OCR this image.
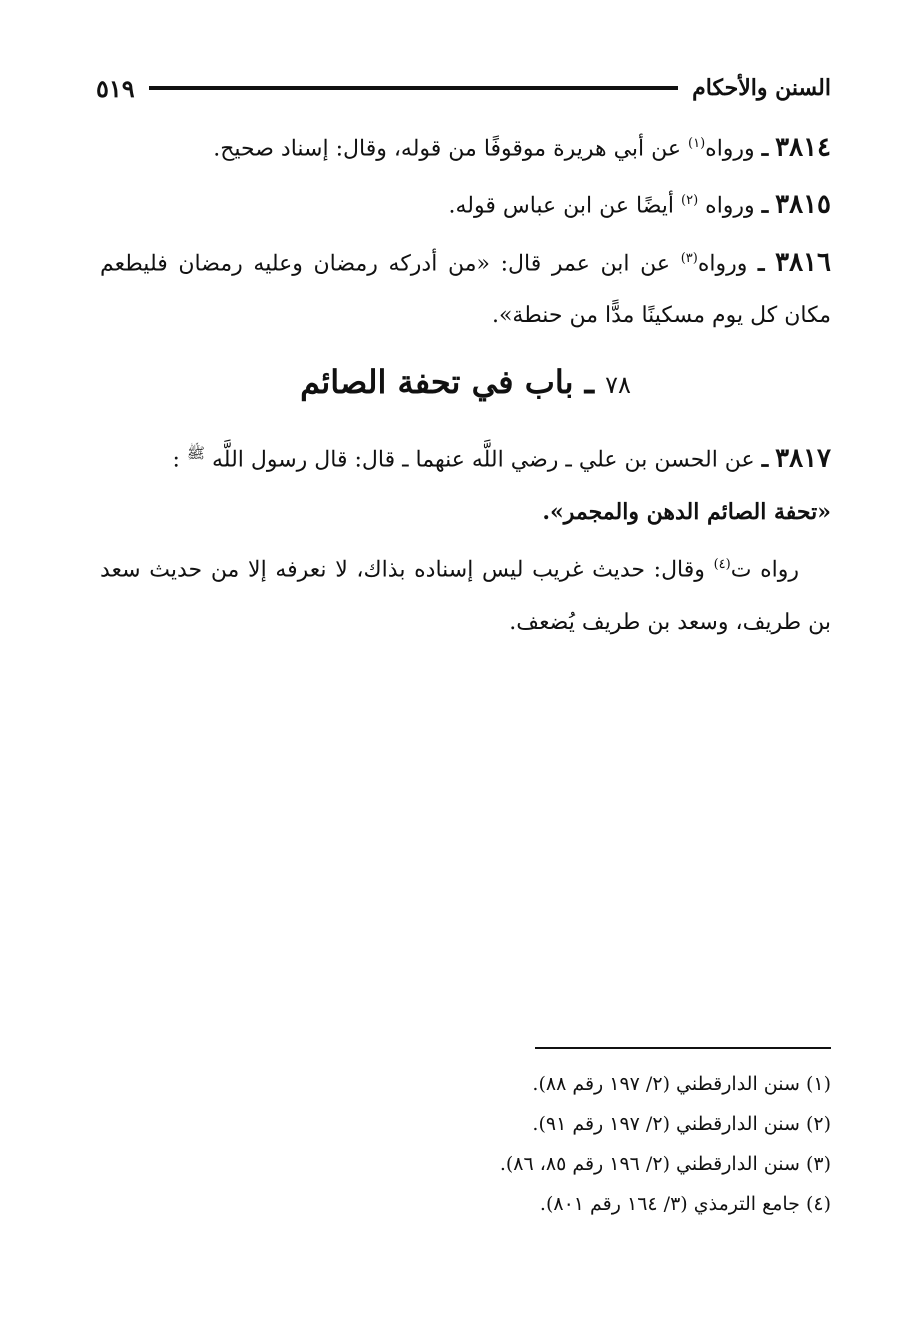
السنن والأحكام
٥١٩

٣٨١٤ ـ ورواه$^{(١)}$ عن أبي هريرة موقوفًا من قوله، وقال: إسناد صحيح.

٣٨١٥ ـ ورواه $^{(٢)}$ أيضًا عن ابن عباس قوله.

٣٨١٦ ـ ورواه$^{(٣)}$ عن ابن عمر قال: «من أدركه رمضان وعليه رمضان فليطعم مكان كل يوم مسكينًا مدًّا من حنطة».

٧٨ ـ باب في تحفة الصائم

٣٨١٧ ـ عن الحسن بن علي ـ رضي اللَّه عنهما ـ قال: قال رسول اللَّه $^ﷺ$ :
«تحفة الصائم الدهن والمجمر».

رواه ت$^{(٤)}$ وقال: حديث غريب ليس إسناده بذاك، لا نعرفه إلا من حديث سعد بن طريف، وسعد بن طريف يُضعف.

(١) سنن الدارقطني (٢/ ١٩٧ رقم ٨٨).

(٢) سنن الدارقطني (٢/ ١٩٧ رقم ٩١).

(٣) سنن الدارقطني (٢/ ١٩٦ رقم ٨٥، ٨٦).

(٤) جامع الترمذي (٣/ ١٦٤ رقم ٨٠١).
